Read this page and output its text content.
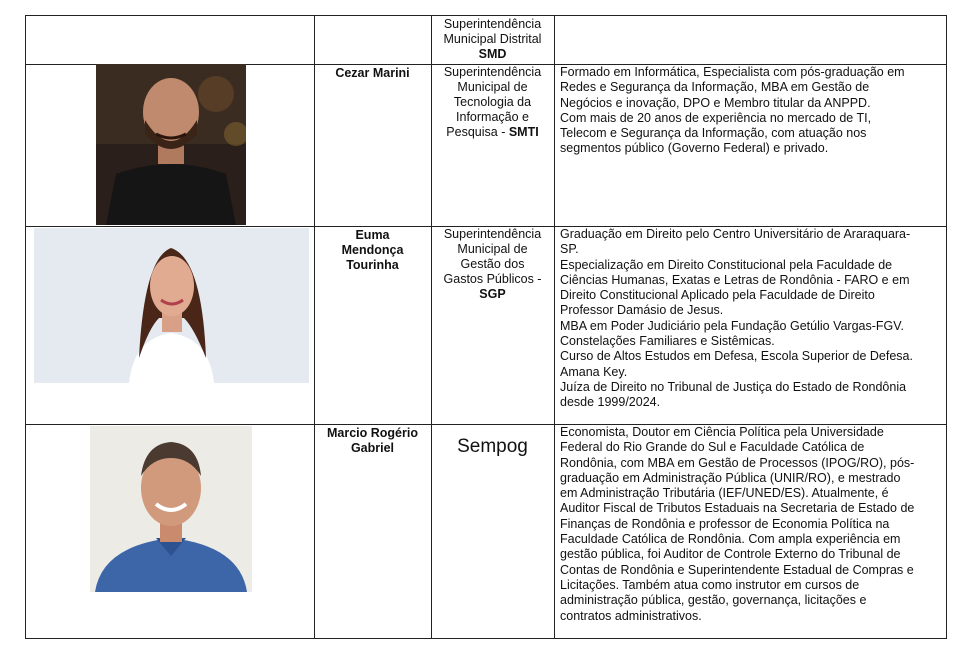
Superintendência
Municipal Distrital
SMD
Cezar Marini	Superintendência
Municipal de
Tecnologia da
Informação e
Pesquisa - SMTI
Formado em Informática, Especialista com pós-graduação em
Redes e Segurança da Informação, MBA em Gestão de
Negócios e inovação, DPO e Membro titular da ANPPD.
Com mais de 20 anos de experiência no mercado de TI,
Telecom e Segurança da Informação, com atuação nos
segmentos público (Governo Federal) e privado.
Euma
Mendonça
Tourinha
Superintendência
Municipal de
Gestão dos
Gastos Públicos -
SGP
Graduação em Direito pelo Centro Universitário de Araraquara-
SP.
Especialização em Direito Constitucional pela Faculdade de
Ciências Humanas, Exatas e Letras de Rondônia - FARO e em
Direito Constitucional Aplicado pela Faculdade de Direito
Professor Damásio de Jesus.
MBA em Poder Judiciário pela Fundação Getúlio Vargas-FGV.
Constelações Familiares e Sistêmicas.
Curso de Altos Estudos em Defesa, Escola Superior de Defesa.
Amana Key.
Juíza de Direito no Tribunal de Justiça do Estado de Rondônia
desde 1999/2024.
Marcio Rogério
Gabriel	Sempog
Economista, Doutor em Ciência Política pela Universidade
Federal do Rio Grande do Sul e Faculdade Católica de
Rondônia, com MBA em Gestão de Processos (IPOG/RO), pós-
graduação em Administração Pública (UNIR/RO), e mestrado
em Administração Tributária (IEF/UNED/ES). Atualmente, é
Auditor Fiscal de Tributos Estaduais na Secretaria de Estado de
Finanças de Rondônia e professor de Economia Política na
Faculdade Católica de Rondônia. Com ampla experiência em
gestão pública, foi Auditor de Controle Externo do Tribunal de
Contas de Rondônia e Superintendente Estadual de Compras e
Licitações. Também atua como instrutor em cursos de
administração pública, gestão, governança, licitações e
contratos administrativos.
